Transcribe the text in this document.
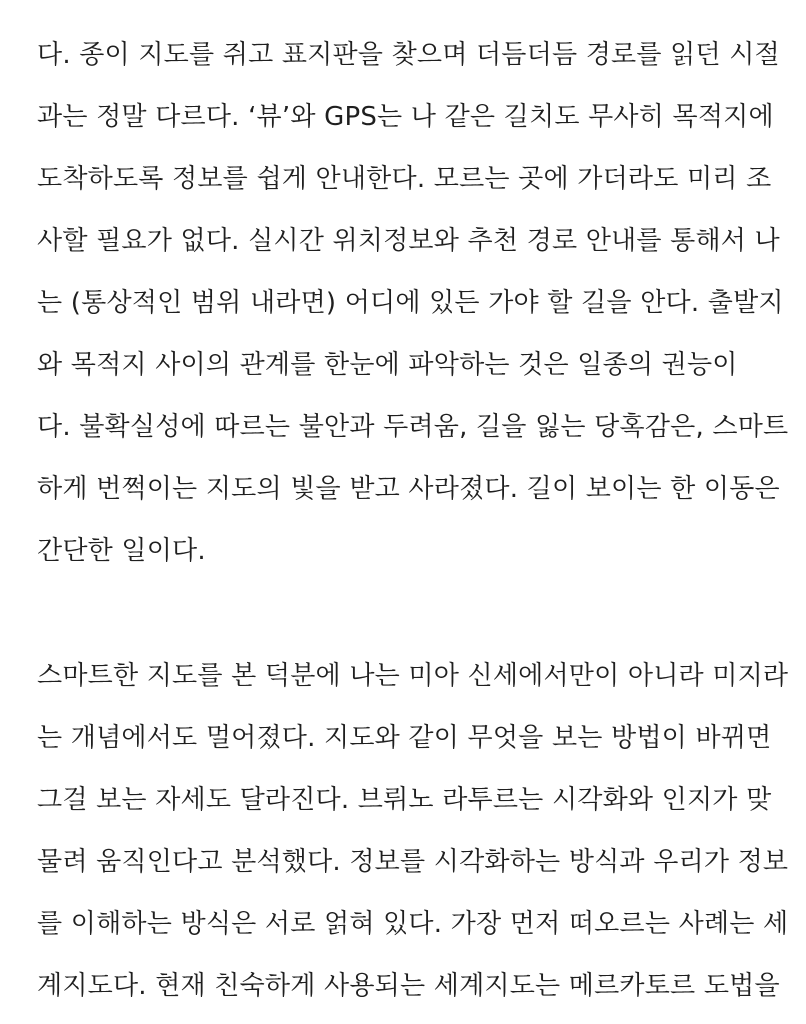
다. 종이 지도를 쥐고 표지판을 찾으며 더듬더듬 경로를 읽던 시절
과는 정말 다르다. ‘뷰’와 GPS는 나 같은 길치도 무사히 목적지에
도착하도록 정보를 쉽게 안내한다. 모르는 곳에 가더라도 미리 조
사할 필요가 없다. 실시간 위치정보와 추천 경로 안내를 통해서 나
는 (통상적인 범위 내라면) 어디에 있든 가야 할 길을 안다. 출발지
와 목적지 사이의 관계를 한눈에 파악하는 것은 일종의 권능이
다. 불확실성에 따르는 불안과 두려움, 길을 잃는 당혹감은, 스마트
하게 번쩍이는 지도의 빛을 받고 사라졌다. 길이 보이는 한 이동은
간단한 일이다.
스마트한 지도를 본 덕분에 나는 미아 신세에서만이 아니라 미지라
는 개념에서도 멀어졌다. 지도와 같이 무엇을 보는 방법이 바뀌면
그걸 보는 자세도 달라진다. 브뤼노 라투르는 시각화와 인지가 맞
물려 움직인다고 분석했다. 정보를 시각화하는 방식과 우리가 정보
를 이해하는 방식은 서로 얽혀 있다. 가장 먼저 떠오르는 사례는 세
계지도다. 현재 친숙하게 사용되는 세계지도는 메르카토르 도법을
